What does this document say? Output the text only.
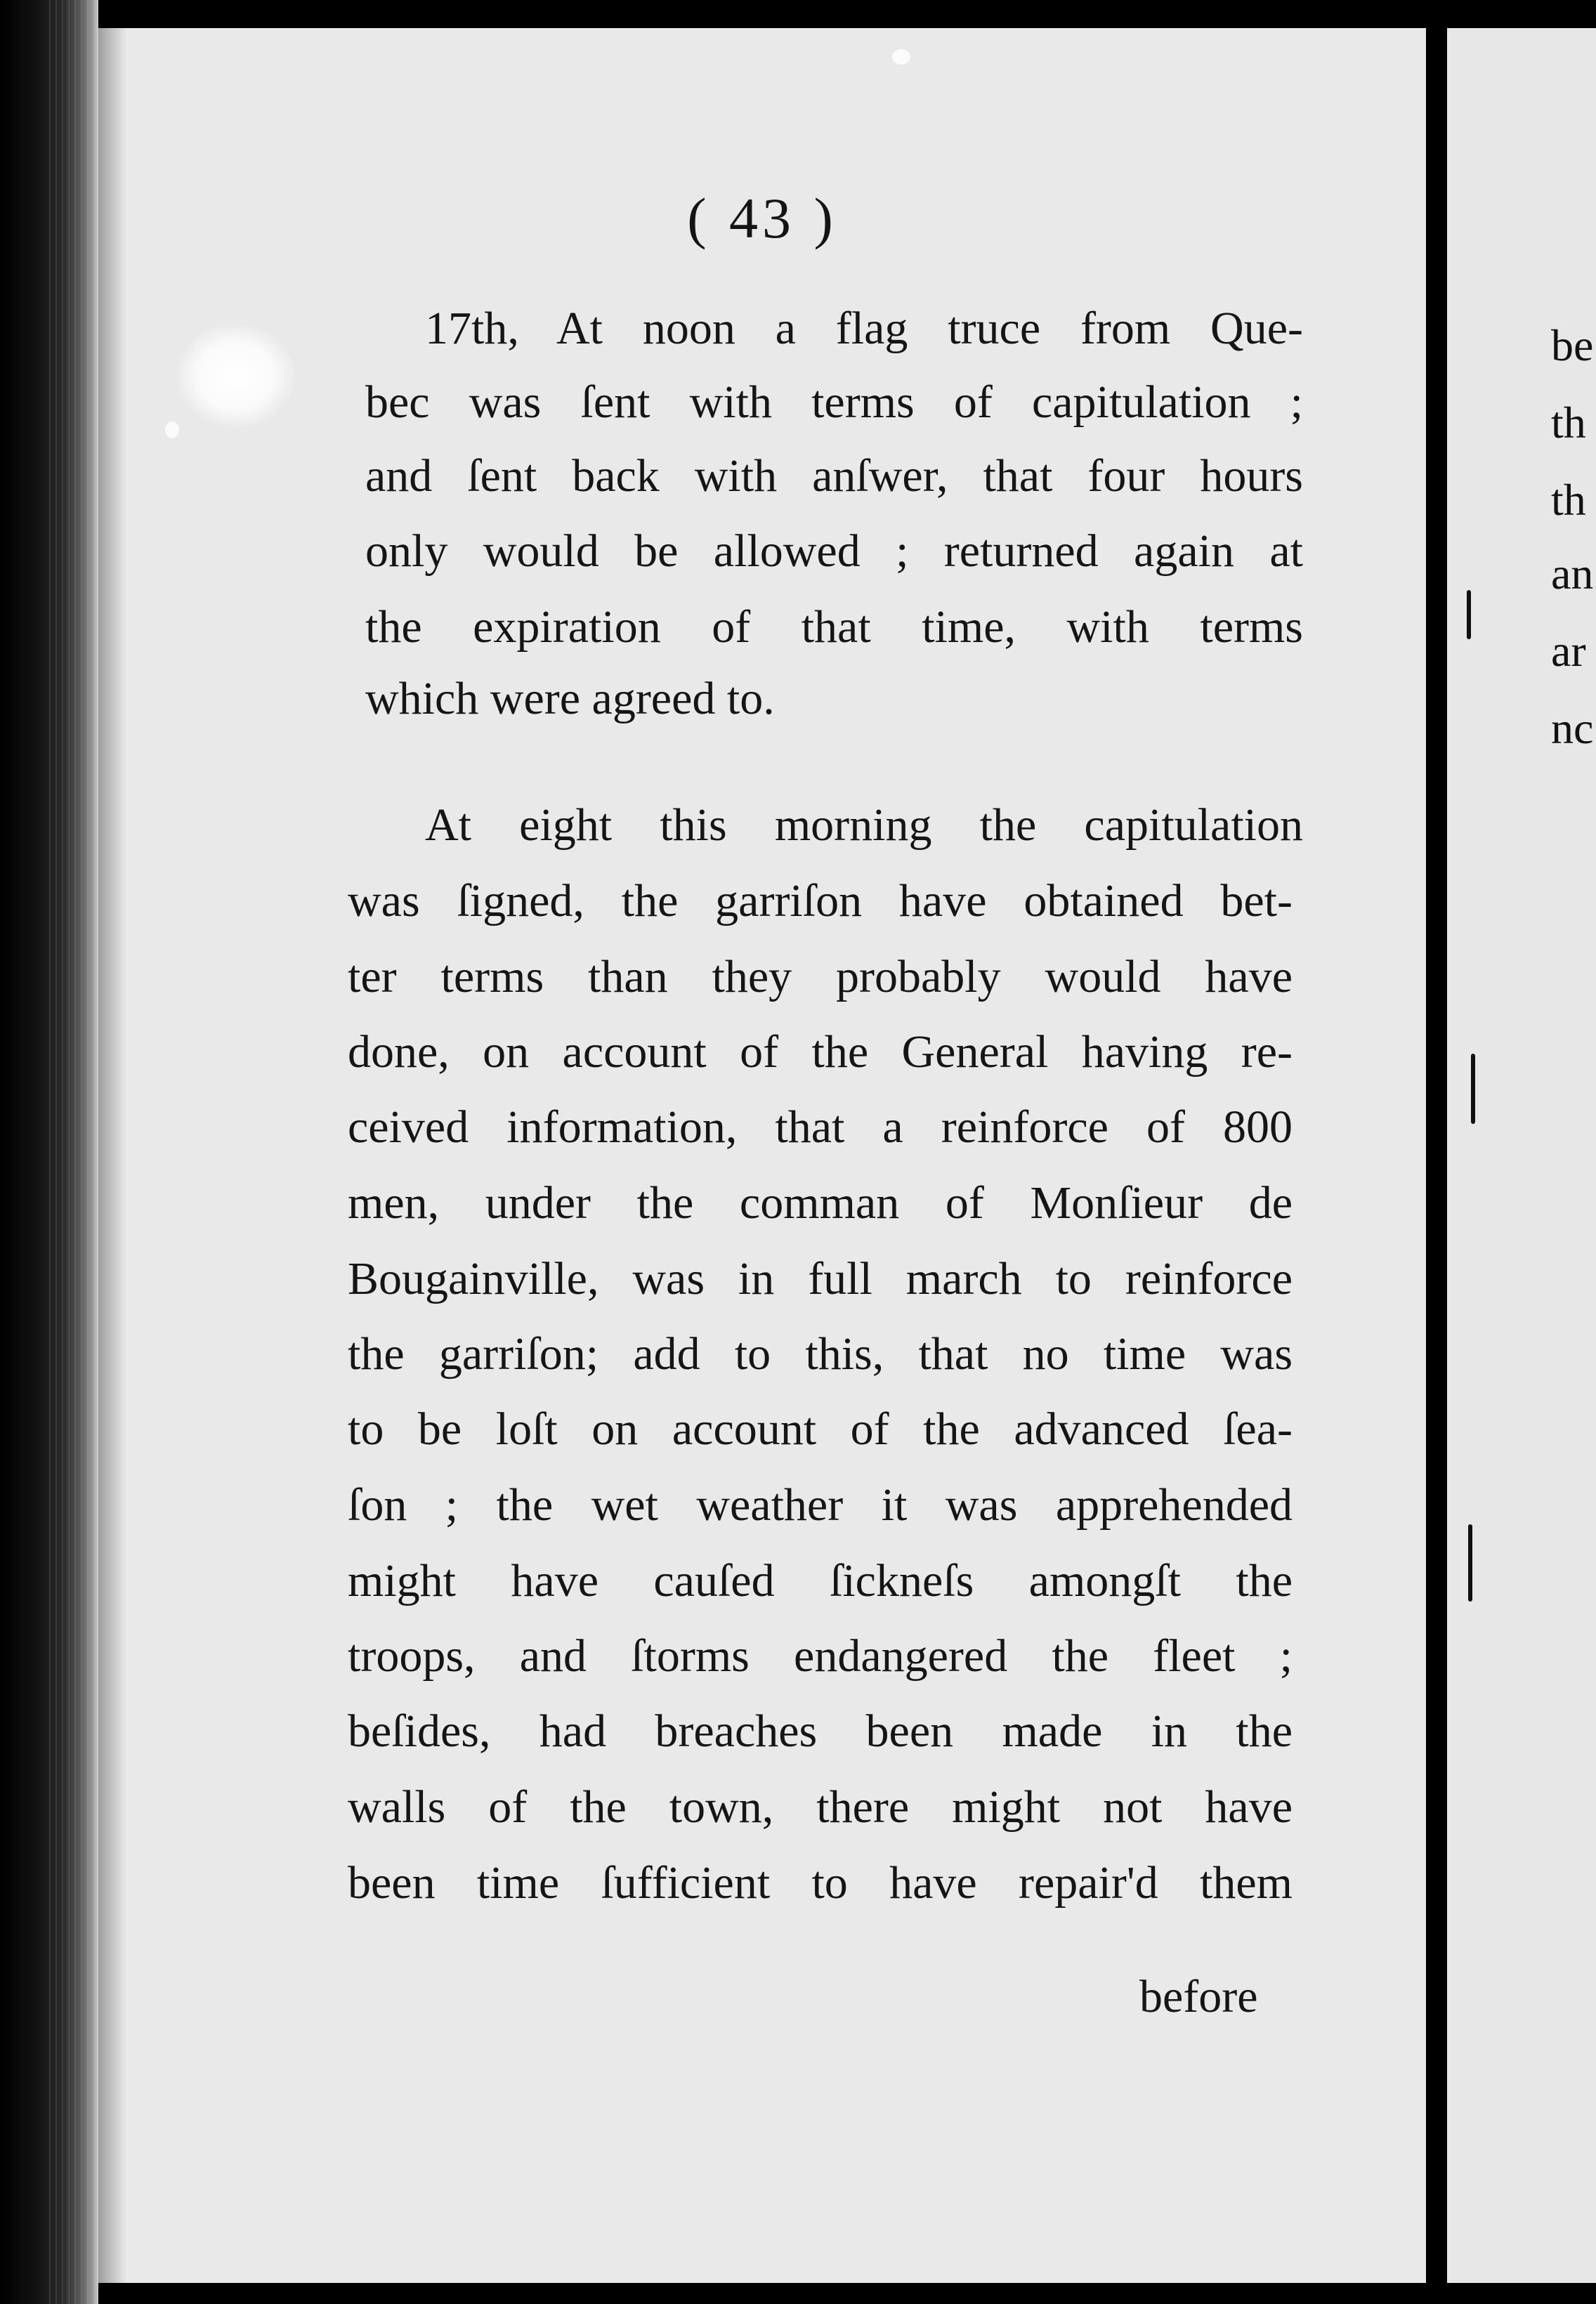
( 43 )

17th, At noon a flag truce from Que-

bec was ſent with terms of capitulation ;

and ſent back with anſwer, that four hours

only would be allowed ; returned again at

the expiration of that time, with terms

which were agreed to.

At eight this morning the capitulation

was ſigned, the garriſon have obtained bet-

ter terms than they probably would have

done, on account of the General having re-

ceived information, that a reinforce of 800

men, under the comman of Monſieur de

Bougainville, was in full march to reinforce

the garriſon; add to this, that no time was

to be loſt on account of the advanced ſea-

ſon ; the wet weather it was apprehended

might have cauſed ſickneſs amongſt the

troops, and ſtorms endangered the fleet ;

beſides, had breaches been made in the

walls of the town, there might not have

been time ſufficient to have repair'd them

before

be

th

th

an

ar

nc
